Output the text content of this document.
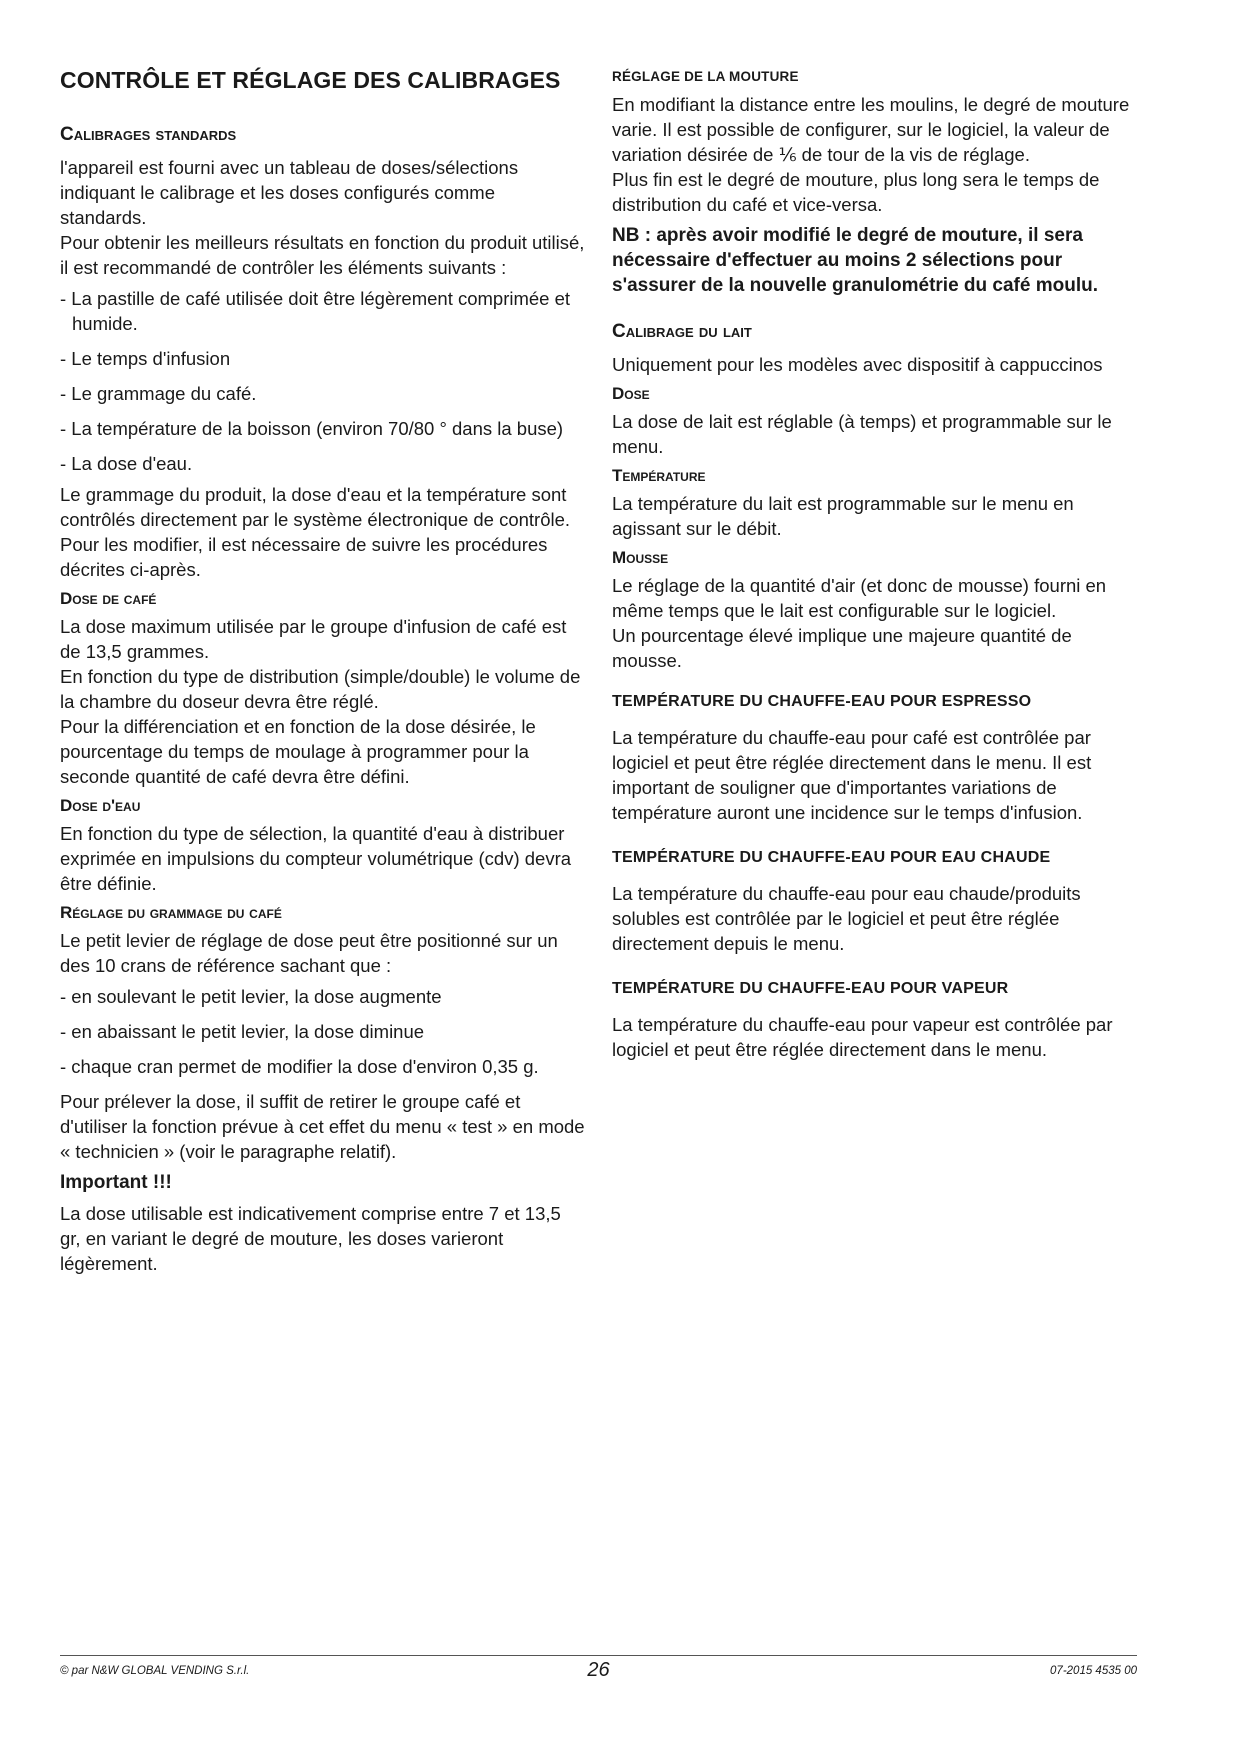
CONTRÔLE ET RÉGLAGE DES CALIBRAGES
Calibrages standards

l'appareil est fourni avec un tableau de doses/sélections indiquant le calibrage et les doses configurés comme standards.

Pour obtenir les meilleurs résultats en fonction du produit utilisé, il est recommandé de contrôler les éléments suivants :

- La pastille de café utilisée doit être légèrement comprimée et humide.
- Le temps d'infusion
- Le grammage du café.
- La température de la boisson (environ 70/80 ° dans la buse)
- La dose d'eau.

Le grammage du produit, la dose d'eau et la température sont contrôlés directement par le système électronique de contrôle.

Pour les modifier, il est nécessaire de suivre les procédures décrites ci-après.

Dose de café

La dose maximum utilisée par le groupe d'infusion de café est de 13,5 grammes.

En fonction du type de distribution (simple/double) le volume de la chambre du doseur devra être réglé.

Pour la différenciation et en fonction de la dose désirée, le pourcentage du temps de moulage à programmer pour la seconde quantité de café devra être défini.

Dose d'eau

En fonction du type de sélection, la quantité d'eau à distribuer exprimée en impulsions du compteur volumétrique (cdv) devra être définie.

Réglage du grammage du café

Le petit levier de réglage de dose peut être positionné sur un des 10 crans de référence sachant que :

- en soulevant le petit levier, la dose augmente
- en abaissant le petit levier, la dose diminue
- chaque cran permet de modifier la dose d'environ 0,35 g.

Pour prélever la dose, il suffit de retirer le groupe café et d'utiliser la fonction prévue à cet effet du menu « test » en mode « technicien » (voir le paragraphe relatif).

Important !!!

La dose utilisable est indicativement comprise entre 7 et 13,5 gr, en variant le degré de mouture, les doses varieront légèrement.

RÉGLAGE DE LA MOUTURE

En modifiant la distance entre les moulins, le degré de mouture varie. Il est possible de configurer, sur le logiciel, la valeur de variation désirée de ⅙ de tour de la vis de réglage.

Plus fin est le degré de mouture, plus long sera le temps de distribution du café et vice-versa.

NB : après avoir modifié le degré de mouture, il sera nécessaire d'effectuer au moins 2 sélections pour s'assurer de la nouvelle granulométrie du café moulu.

Calibrage du lait

Uniquement pour les modèles avec dispositif à cappuccinos

Dose

La dose de lait est réglable (à temps) et programmable sur le menu.

Température

La température du lait est programmable sur le menu en agissant sur le débit.

Mousse

Le réglage de la quantité d'air (et donc de mousse) fourni en même temps que le lait est configurable sur le logiciel.

Un pourcentage élevé implique une majeure quantité de mousse.

TEMPÉRATURE DU CHAUFFE-EAU POUR ESPRESSO

La température du chauffe-eau pour café est contrôlée par logiciel et peut être réglée directement dans le menu. Il est important de souligner que d'importantes variations de température auront une incidence sur le temps d'infusion.

TEMPÉRATURE DU CHAUFFE-EAU POUR EAU CHAUDE

La température du chauffe-eau pour eau chaude/produits solubles est contrôlée par le logiciel et peut être réglée directement depuis le menu.

TEMPÉRATURE DU CHAUFFE-EAU POUR VAPEUR

La température du chauffe-eau pour vapeur est contrôlée par logiciel et peut être réglée directement dans le menu.

© par N&W GLOBAL VENDING S.r.l.	26	07-2015 4535 00
